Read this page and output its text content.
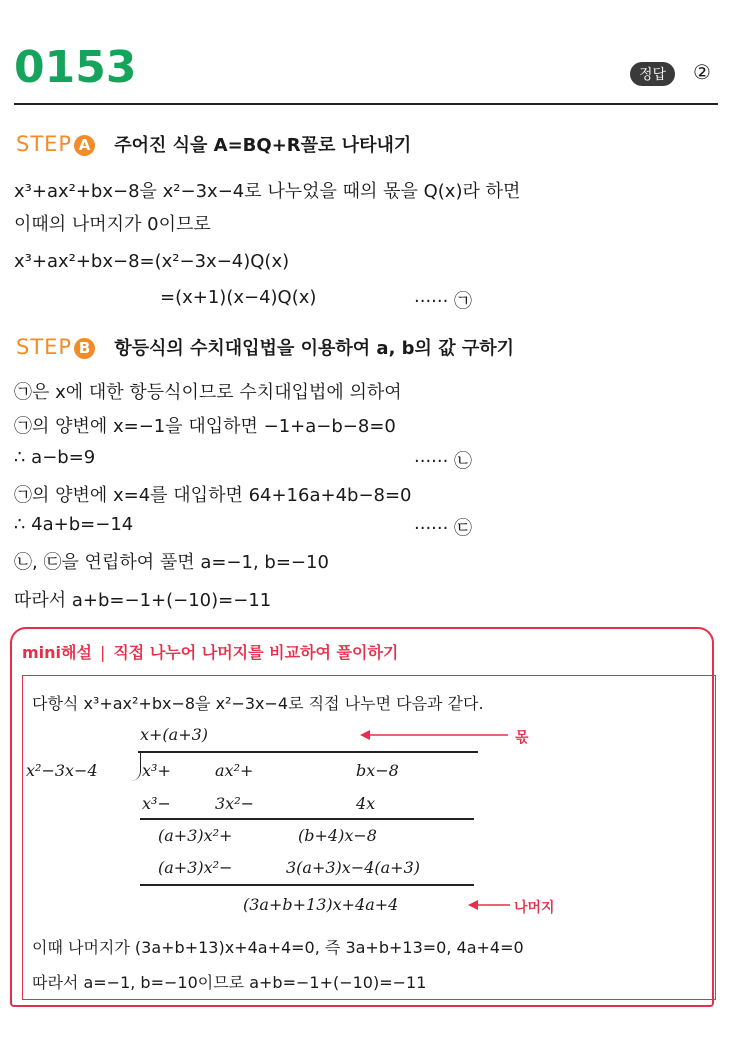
0153	정답	②
STEP A 주어진 식을 A=BQ+R꼴로 나타내기
x³+ax²+bx−8을 x²−3x−4로 나누었을 때의 몫을 Q(x)라 하면
이때의 나머지가 0이므로
x³+ax²+bx−8=(x²−3x−4)Q(x)
=(x+1)(x−4)Q(x)	······ ㉠
STEP B 항등식의 수치대입법을 이용하여 a, b의 값 구하기
㉠은 x에 대한 항등식이므로 수치대입법에 의하여
㉠의 양변에 x=−1을 대입하면 −1+a−b−8=0
∴ a−b=9	······ ㉡
㉠의 양변에 x=4를 대입하면 64+16a+4b−8=0
∴ 4a+b=−14	······ ㉢
㉡, ㉢을 연립하여 풀면 a=−1, b=−10
따라서 a+b=−1+(−10)=−11
mini해설 | 직접 나누어 나머지를 비교하여 풀이하기
다항식 x³+ax²+bx−8을 x²−3x−4로 직접 나누면 다음과 같다.
x+(a+3)	몫
x²−3x−4	x³+	ax²+	bx−8
x³−	3x²−	4x
(a+3)x²+	(b+4)x−8
(a+3)x²−	3(a+3)x−4(a+3)
(3a+b+13)x+4a+4	나머지
이때 나머지가 (3a+b+13)x+4a+4=0, 즉 3a+b+13=0, 4a+4=0
따라서 a=−1, b=−10이므로 a+b=−1+(−10)=−11
